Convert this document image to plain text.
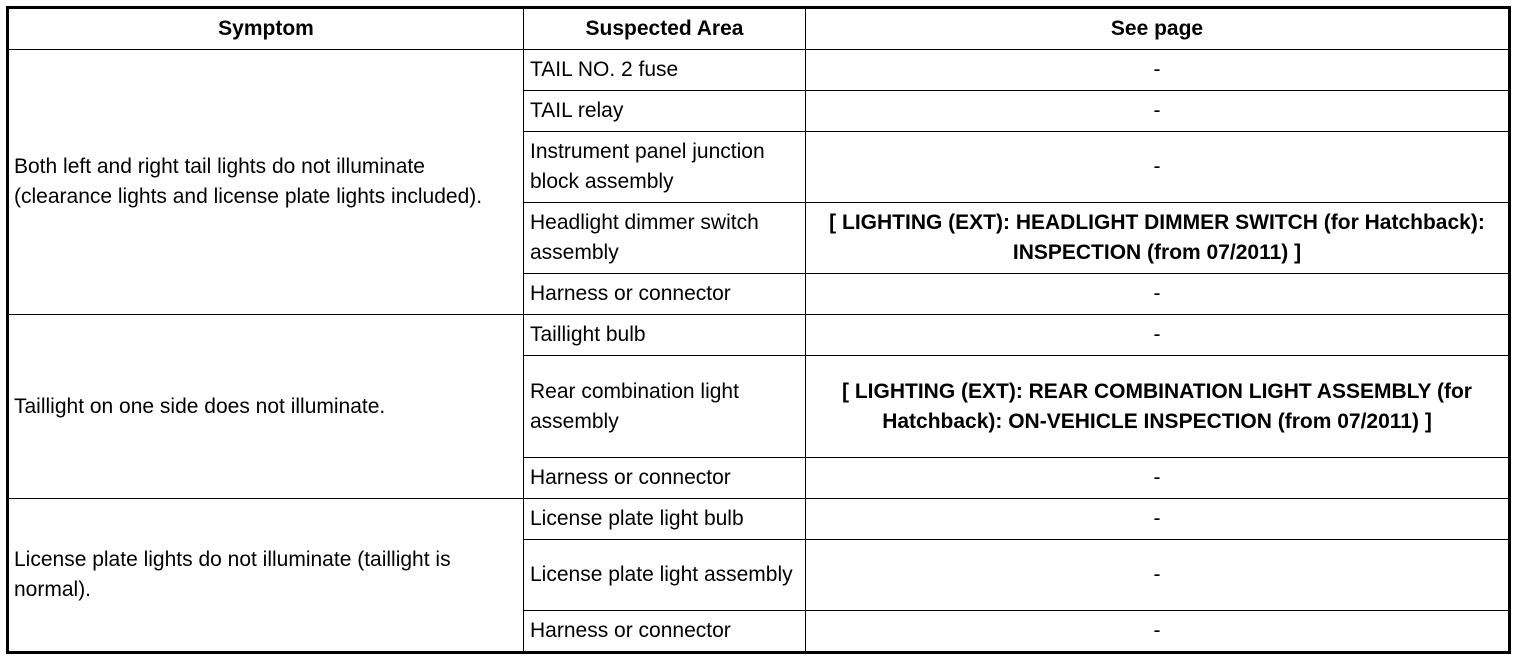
Symptom	Suspected Area	See page
Both left and right tail lights do not illuminate (clearance lights and license plate lights included).	TAIL NO. 2 fuse	-
	TAIL relay	-
	Instrument panel junction block assembly	-
	Headlight dimmer switch assembly	[ LIGHTING (EXT): HEADLIGHT DIMMER SWITCH (for Hatchback): INSPECTION (from 07/2011) ]
	Harness or connector	-
Taillight on one side does not illuminate.	Taillight bulb	-
	Rear combination light assembly	[ LIGHTING (EXT): REAR COMBINATION LIGHT ASSEMBLY (for Hatchback): ON-VEHICLE INSPECTION (from 07/2011) ]
	Harness or connector	-
License plate lights do not illuminate (taillight is normal).	License plate light bulb	-
	License plate light assembly	-
	Harness or connector	-
